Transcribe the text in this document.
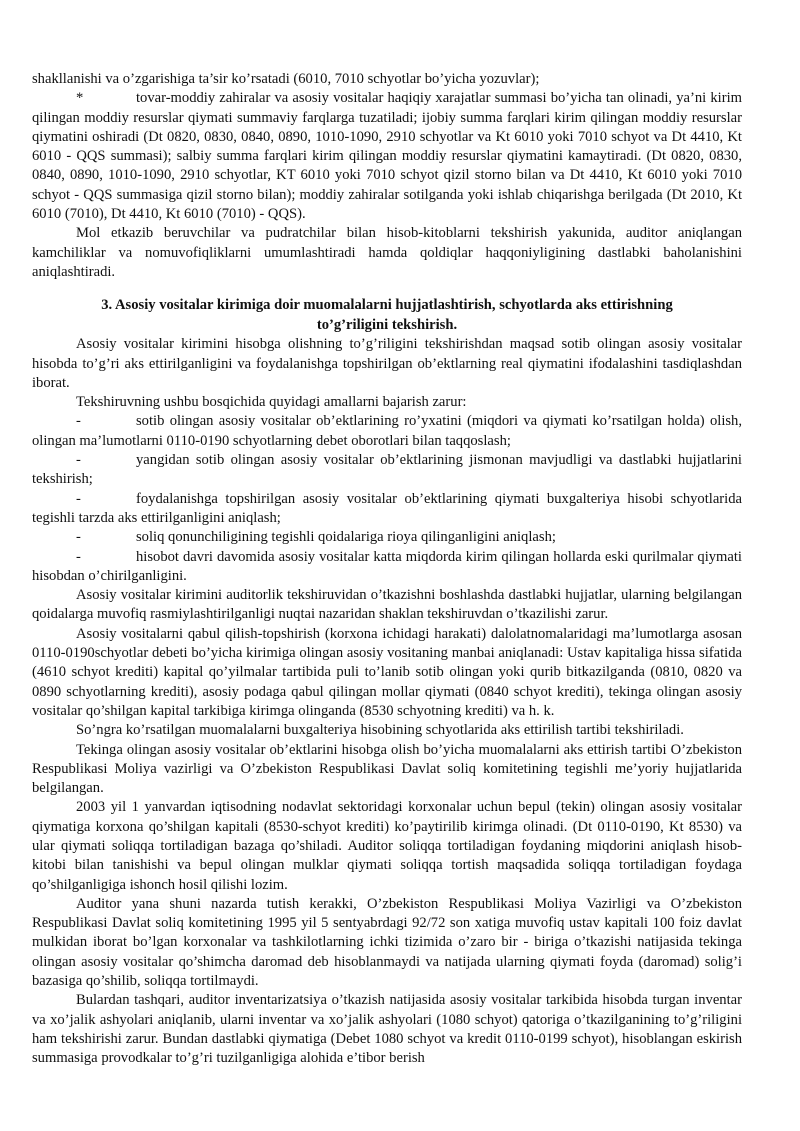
shakllanishi va o’zgarishiga ta’sir ko’rsatadi (6010, 7010 schyotlar bo’yicha yozuvlar);

*	tovar-moddiy zahiralar va asosiy vositalar haqiqiy xarajatlar summasi bo’yicha tan olinadi, ya’ni kirim qilingan moddiy resurslar qiymati summaviy farqlarga tuzatiladi; ijobiy summa farqlari kirim qilingan moddiy resurslar qiymatini oshiradi (Dt 0820, 0830, 0840, 0890, 1010-1090, 2910 schyotlar va Kt 6010 yoki 7010 schyot va Dt 4410, Kt 6010 - QQS summasi); salbiy summa farqlari kirim qilingan moddiy resurslar qiymatini kamaytiradi. (Dt 0820, 0830, 0840, 0890, 1010-1090, 2910 schyotlar, KT 6010 yoki 7010 schyot qizil storno bilan va Dt 4410, Kt 6010 yoki 7010 schyot - QQS summasiga qizil storno bilan); moddiy zahiralar sotilganda yoki ishlab chiqarishga berilgada (Dt 2010, Kt 6010 (7010), Dt 4410, Kt 6010 (7010) - QQS).

Mol etkazib beruvchilar va pudratchilar bilan hisob-kitoblarni tekshirish yakunida, auditor aniqlangan kamchiliklar va nomuvofiqliklarni umumlashtiradi hamda qoldiqlar haqqoniyligining dastlabki baholanishini aniqlashtiradi.

3. Asosiy vositalar kirimiga doir muomalalarni hujjatlashtirish, schyotlarda aks ettirishning
to’g’riligini tekshirish.

Asosiy vositalar kirimini hisobga olishning to’g’riligini tekshirishdan maqsad sotib olingan asosiy vositalar hisobda to’g’ri aks ettirilganligini va foydalanishga topshirilgan ob’ektlarning real qiymatini ifodalashini tasdiqlashdan iborat.

Tekshiruvning ushbu bosqichida quyidagi amallarni bajarish zarur:

-	sotib olingan asosiy vositalar ob’ektlarining ro’yxatini (miqdori va qiymati ko’rsatilgan holda) olish, olingan ma’lumotlarni 0110-0190 schyotlarning debet oborotlari bilan taqqoslash;

-	yangidan sotib olingan asosiy vositalar ob’ektlarining jismonan mavjudligi va dastlabki hujjatlarini tekshirish;

-	foydalanishga topshirilgan asosiy vositalar ob’ektlarining qiymati buxgalteriya hisobi schyotlarida tegishli tarzda aks ettirilganligini aniqlash;

-	soliq qonunchiligining tegishli qoidalariga rioya qilinganligini aniqlash;

-	hisobot davri davomida asosiy vositalar katta miqdorda kirim qilingan hollarda eski qurilmalar qiymati hisobdan o’chirilganligini.

Asosiy vositalar kirimini auditorlik tekshiruvidan o’tkazishni boshlashda dastlabki hujjatlar, ularning belgilangan qoidalarga muvofiq rasmiylashtirilganligi nuqtai nazaridan shaklan tekshiruvdan o’tkazilishi zarur.

Asosiy vositalarni qabul qilish-topshirish (korxona ichidagi harakati) dalolatnomalaridagi ma’lumotlarga asosan 0110-0190schyotlar debeti bo’yicha kirimiga olingan asosiy vositaning manbai aniqlanadi: Ustav kapitaliga hissa sifatida (4610 schyot krediti) kapital qo’yilmalar tartibida puli to’lanib sotib olingan yoki qurib bitkazilganda (0810, 0820 va 0890 schyotlarning krediti), asosiy podaga qabul qilingan mollar qiymati (0840 schyot krediti), tekinga olingan asosiy vositalar qo’shilgan kapital tarkibiga kirimga olinganda (8530 schyotning krediti) va h. k.

So’ngra ko’rsatilgan muomalalarni buxgalteriya hisobining schyotlarida aks ettirilish tartibi tekshiriladi.

Tekinga olingan asosiy vositalar ob’ektlarini hisobga olish bo’yicha muomalalarni aks ettirish tartibi O’zbekiston Respublikasi Moliya vazirligi va O’zbekiston Respublikasi Davlat soliq komitetining tegishli me’yoriy hujjatlarida belgilangan.

2003 yil 1 yanvardan iqtisodning nodavlat sektoridagi korxonalar uchun bepul (tekin) olingan asosiy vositalar qiymatiga korxona qo’shilgan kapitali (8530-schyot krediti) ko’paytirilib kirimga olinadi. (Dt 0110-0190, Kt 8530) va ular qiymati soliqqa tortiladigan bazaga qo’shiladi. Auditor soliqqa tortiladigan foydaning miqdorini aniqlash hisob-kitobi bilan tanishishi va bepul olingan mulklar qiymati soliqqa tortish maqsadida soliqqa tortiladigan foydaga qo’shilganligiga ishonch hosil qilishi lozim.

Auditor yana shuni nazarda tutish kerakki, O’zbekiston Respublikasi Moliya Vazirligi va O’zbekiston Respublikasi Davlat soliq komitetining 1995 yil 5 sentyabrdagi 92/72 son xatiga muvofiq ustav kapitali 100 foiz davlat mulkidan iborat bo’lgan korxonalar va tashkilotlarning ichki tizimida o’zaro bir - biriga o’tkazishi natijasida tekinga olingan asosiy vositalar qo’shimcha daromad deb hisoblanmaydi va natijada ularning qiymati foyda (daromad) solig’i bazasiga qo’shilib, soliqqa tortilmaydi.

Bulardan tashqari, auditor inventarizatsiya o’tkazish natijasida asosiy vositalar tarkibida hisobda turgan inventar va xo’jalik ashyolari aniqlanib, ularni inventar va xo’jalik ashyolari (1080 schyot) qatoriga o’tkazilganining to’g’riligini ham tekshirishi zarur. Bundan dastlabki qiymatiga (Debet 1080 schyot va kredit 0110-0199 schyot), hisoblangan eskirish summasiga provodkalar to’g’ri tuzilganligiga alohida e’tibor berish
